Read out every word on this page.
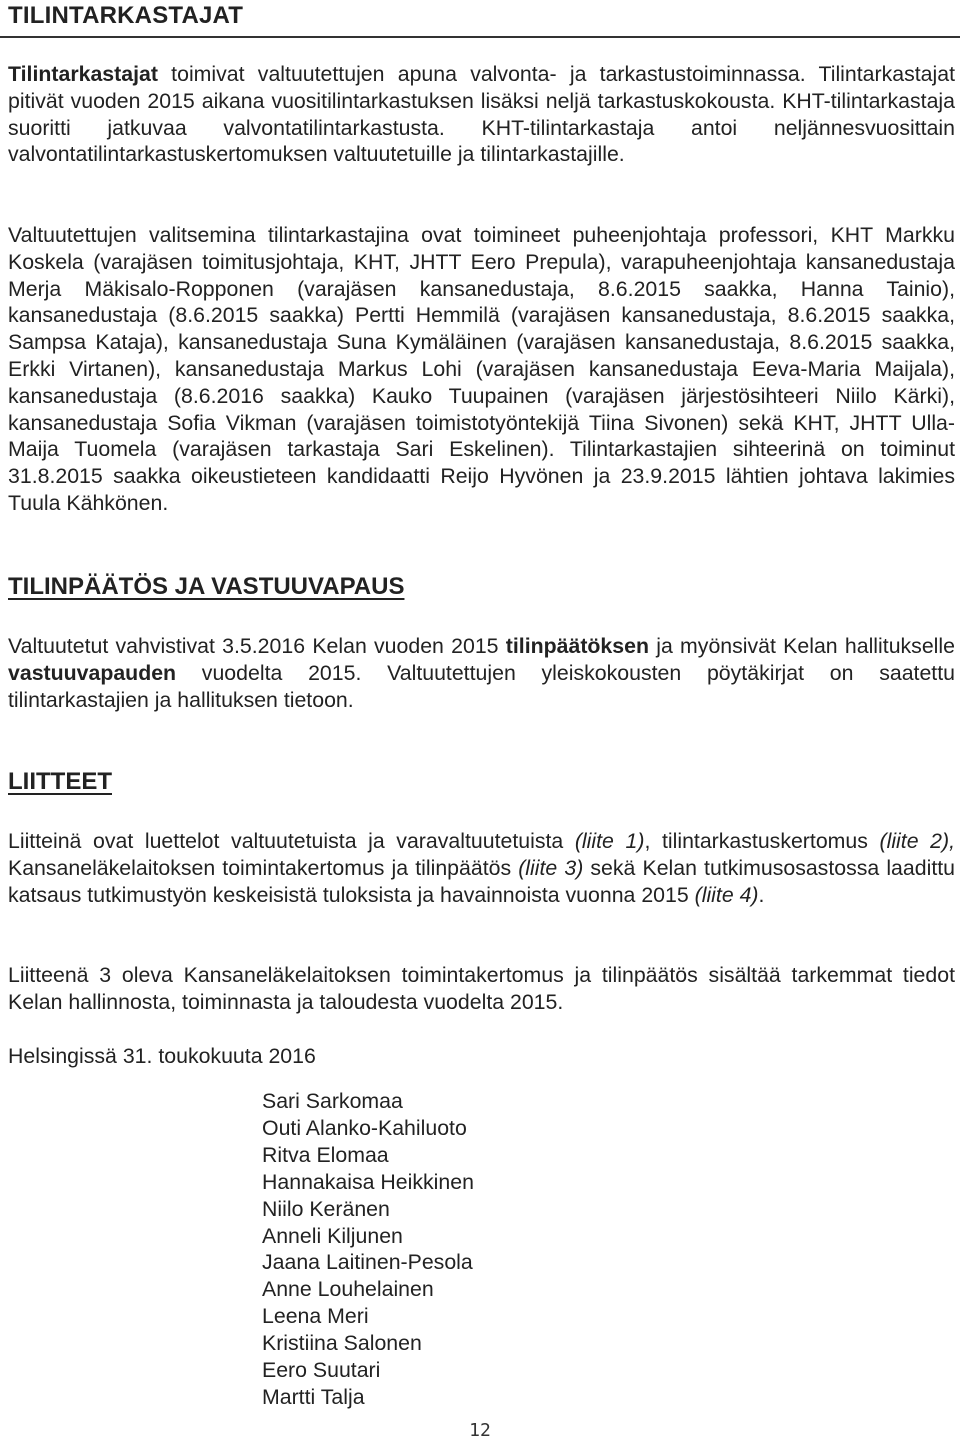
TILINTARKASTAJAT

Tilintarkastajat toimivat valtuutettujen apuna valvonta- ja tarkastustoiminnassa. Tilintarkastajat pitivät vuoden 2015 aikana vuositilintarkastuksen lisäksi neljä tarkastuskokousta. KHT-tilintarkastaja suoritti jatkuvaa valvontatilintarkastusta. KHT-tilintarkastaja antoi neljännesvuosittain valvontatilintarkastuskertomuksen valtuutetuille ja tilintarkastajille.

Valtuutettujen valitsemina tilintarkastajina ovat toimineet puheenjohtaja professori, KHT Markku Koskela (varajäsen toimitusjohtaja, KHT, JHTT Eero Prepula), varapuheenjohtaja kansanedustaja Merja Mäkisalo-Ropponen (varajäsen kansanedustaja, 8.6.2015 saakka, Hanna Tainio), kansanedustaja (8.6.2015 saakka) Pertti Hemmilä (varajäsen kansanedustaja, 8.6.2015 saakka, Sampsa Kataja), kansanedustaja Suna Kymäläinen (varajäsen kansanedustaja, 8.6.2015 saakka, Erkki Virtanen), kansanedustaja Markus Lohi (varajäsen kansanedustaja Eeva-Maria Maijala), kansanedustaja (8.6.2016 saakka) Kauko Tuupainen (varajäsen järjestösihteeri Niilo Kärki), kansanedustaja Sofia Vikman (varajäsen toimistotyöntekijä Tiina Sivonen) sekä KHT, JHTT Ulla-Maija Tuomela (varajäsen tarkastaja Sari Eskelinen). Tilintarkastajien sihteerinä on toiminut 31.8.2015 saakka oikeustieteen kandidaatti Reijo Hyvönen ja 23.9.2015 lähtien johtava lakimies Tuula Kähkönen.

TILINPÄÄTÖS JA VASTUUVAPAUS

Valtuutetut vahvistivat 3.5.2016 Kelan vuoden 2015 tilinpäätöksen ja myönsivät Kelan hallitukselle vastuuvapauden vuodelta 2015. Valtuutettujen yleiskokousten pöytäkirjat on saatettu tilintarkastajien ja hallituksen tietoon.

LIITTEET

Liitteinä ovat luettelot valtuutetuista ja varavaltuutetuista (liite 1), tilintarkastuskertomus (liite 2), Kansaneläkelaitoksen toimintakertomus ja tilinpäätös (liite 3) sekä Kelan tutkimusosastossa laadittu katsaus tutkimustyön keskeisistä tuloksista ja havainnoista vuonna 2015 (liite 4).

Liitteenä 3 oleva Kansaneläkelaitoksen toimintakertomus ja tilinpäätös sisältää tarkemmat tiedot Kelan hallinnosta, toiminnasta ja taloudesta vuodelta 2015.

Helsingissä 31. toukokuuta 2016

Sari Sarkomaa
Outi Alanko-Kahiluoto
Ritva Elomaa
Hannakaisa Heikkinen
Niilo Keränen
Anneli Kiljunen
Jaana Laitinen-Pesola
Anne Louhelainen
Leena Meri
Kristiina Salonen
Eero Suutari
Martti Talja
12
